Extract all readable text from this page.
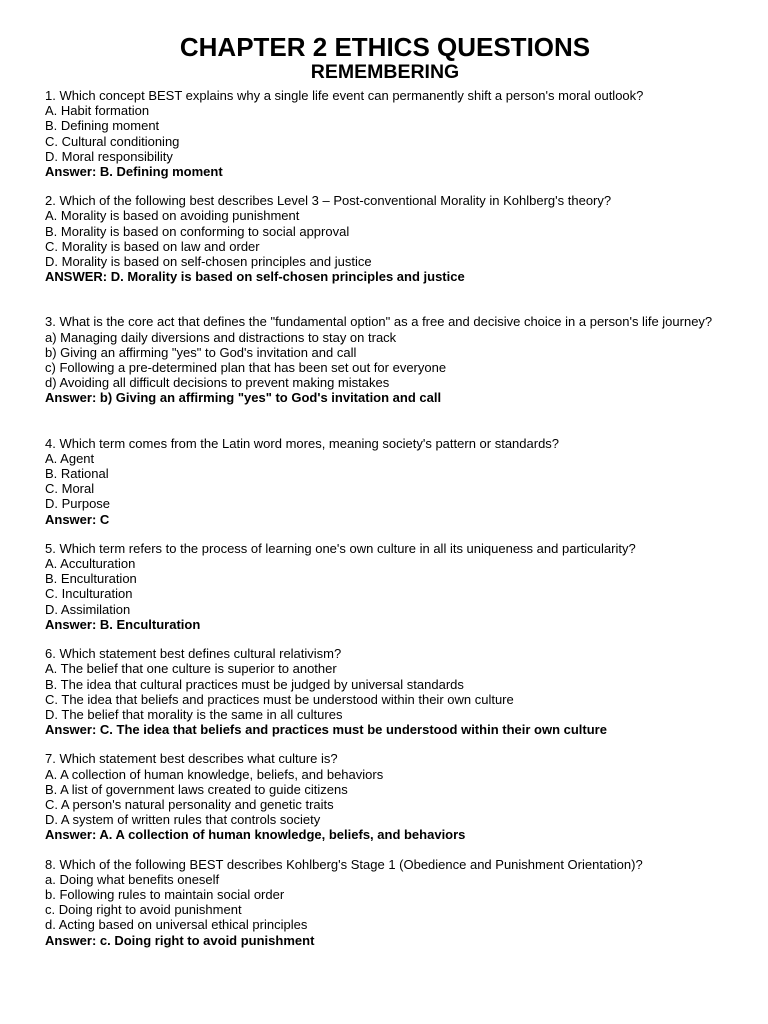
CHAPTER 2 ETHICS QUESTIONS
REMEMBERING
1. Which concept BEST explains why a single life event can permanently shift a person's moral outlook?
A. Habit formation
B. Defining moment
C. Cultural conditioning
D. Moral responsibility
Answer: B. Defining moment
2. Which of the following best describes Level 3 – Post-conventional Morality in Kohlberg's theory?
A. Morality is based on avoiding punishment
B. Morality is based on conforming to social approval
C. Morality is based on law and order
D. Morality is based on self-chosen principles and justice
ANSWER: D. Morality is based on self-chosen principles and justice
3. What is the core act that defines the "fundamental option" as a free and decisive choice in a person's life journey?
a) Managing daily diversions and distractions to stay on track
b) Giving an affirming "yes" to God's invitation and call
c) Following a pre-determined plan that has been set out for everyone
d) Avoiding all difficult decisions to prevent making mistakes
Answer: b) Giving an affirming "yes" to God's invitation and call
4. Which term comes from the Latin word mores, meaning society's pattern or standards?
A. Agent
B. Rational
C. Moral
D. Purpose
Answer: C
5. Which term refers to the process of learning one's own culture in all its uniqueness and particularity?
A. Acculturation
B. Enculturation
C. Inculturation
D. Assimilation
Answer: B. Enculturation
6. Which statement best defines cultural relativism?
A. The belief that one culture is superior to another
B. The idea that cultural practices must be judged by universal standards
C. The idea that beliefs and practices must be understood within their own culture
D. The belief that morality is the same in all cultures
Answer: C. The idea that beliefs and practices must be understood within their own culture
7. Which statement best describes what culture is?
A. A collection of human knowledge, beliefs, and behaviors
B. A list of government laws created to guide citizens
C. A person's natural personality and genetic traits
D. A system of written rules that controls society
Answer: A. A collection of human knowledge, beliefs, and behaviors
8. Which of the following BEST describes Kohlberg's Stage 1 (Obedience and Punishment Orientation)?
a. Doing what benefits oneself
b. Following rules to maintain social order
c. Doing right to avoid punishment
d. Acting based on universal ethical principles
Answer: c. Doing right to avoid punishment
